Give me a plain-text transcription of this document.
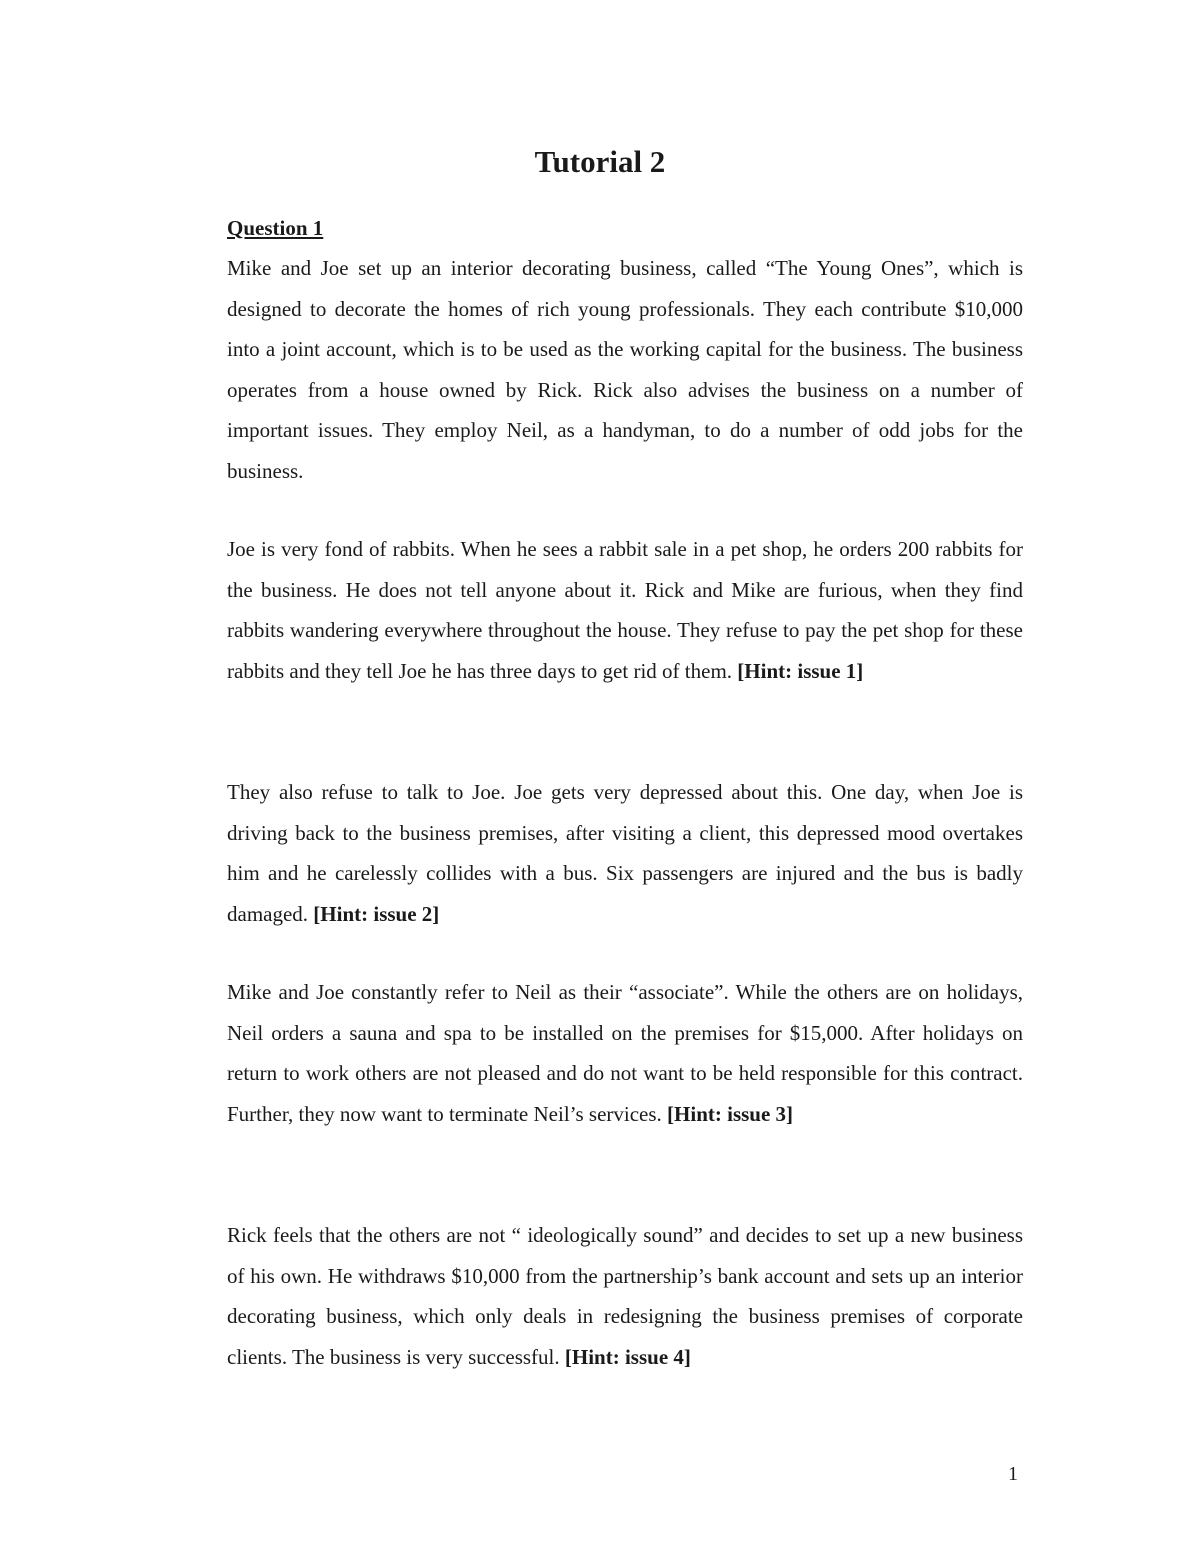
Tutorial 2
Question 1

Mike and Joe set up an interior decorating business, called “The Young Ones”, which is designed to decorate the homes of rich young professionals. They each contribute $10,000 into a joint account, which is to be used as the working capital for the business. The business operates from a house owned by Rick. Rick also advises the business on a number of important issues. They employ Neil, as a handyman, to do a number of odd jobs for the business.

Joe is very fond of rabbits. When he sees a rabbit sale in a pet shop, he orders 200 rabbits for the business. He does not tell anyone about it. Rick and Mike are furious, when they find rabbits wandering everywhere throughout the house. They refuse to pay the pet shop for these rabbits and they tell Joe he has three days to get rid of them. [Hint: issue 1]

They also refuse to talk to Joe. Joe gets very depressed about this. One day, when Joe is driving back to the business premises, after visiting a client, this depressed mood overtakes him and he carelessly collides with a bus. Six passengers are injured and the bus is badly damaged. [Hint: issue 2]

Mike and Joe constantly refer to Neil as their “associate”. While the others are on holidays, Neil orders a sauna and spa to be installed on the premises for $15,000. After holidays on return to work others are not pleased and do not want to be held responsible for this contract. Further, they now want to terminate Neil’s services. [Hint: issue 3]

Rick feels that the others are not “ ideologically sound” and decides to set up a new business of his own. He withdraws $10,000 from the partnership’s bank account and sets up an interior decorating business, which only deals in redesigning the business premises of corporate clients. The business is very successful. [Hint: issue 4]

1
